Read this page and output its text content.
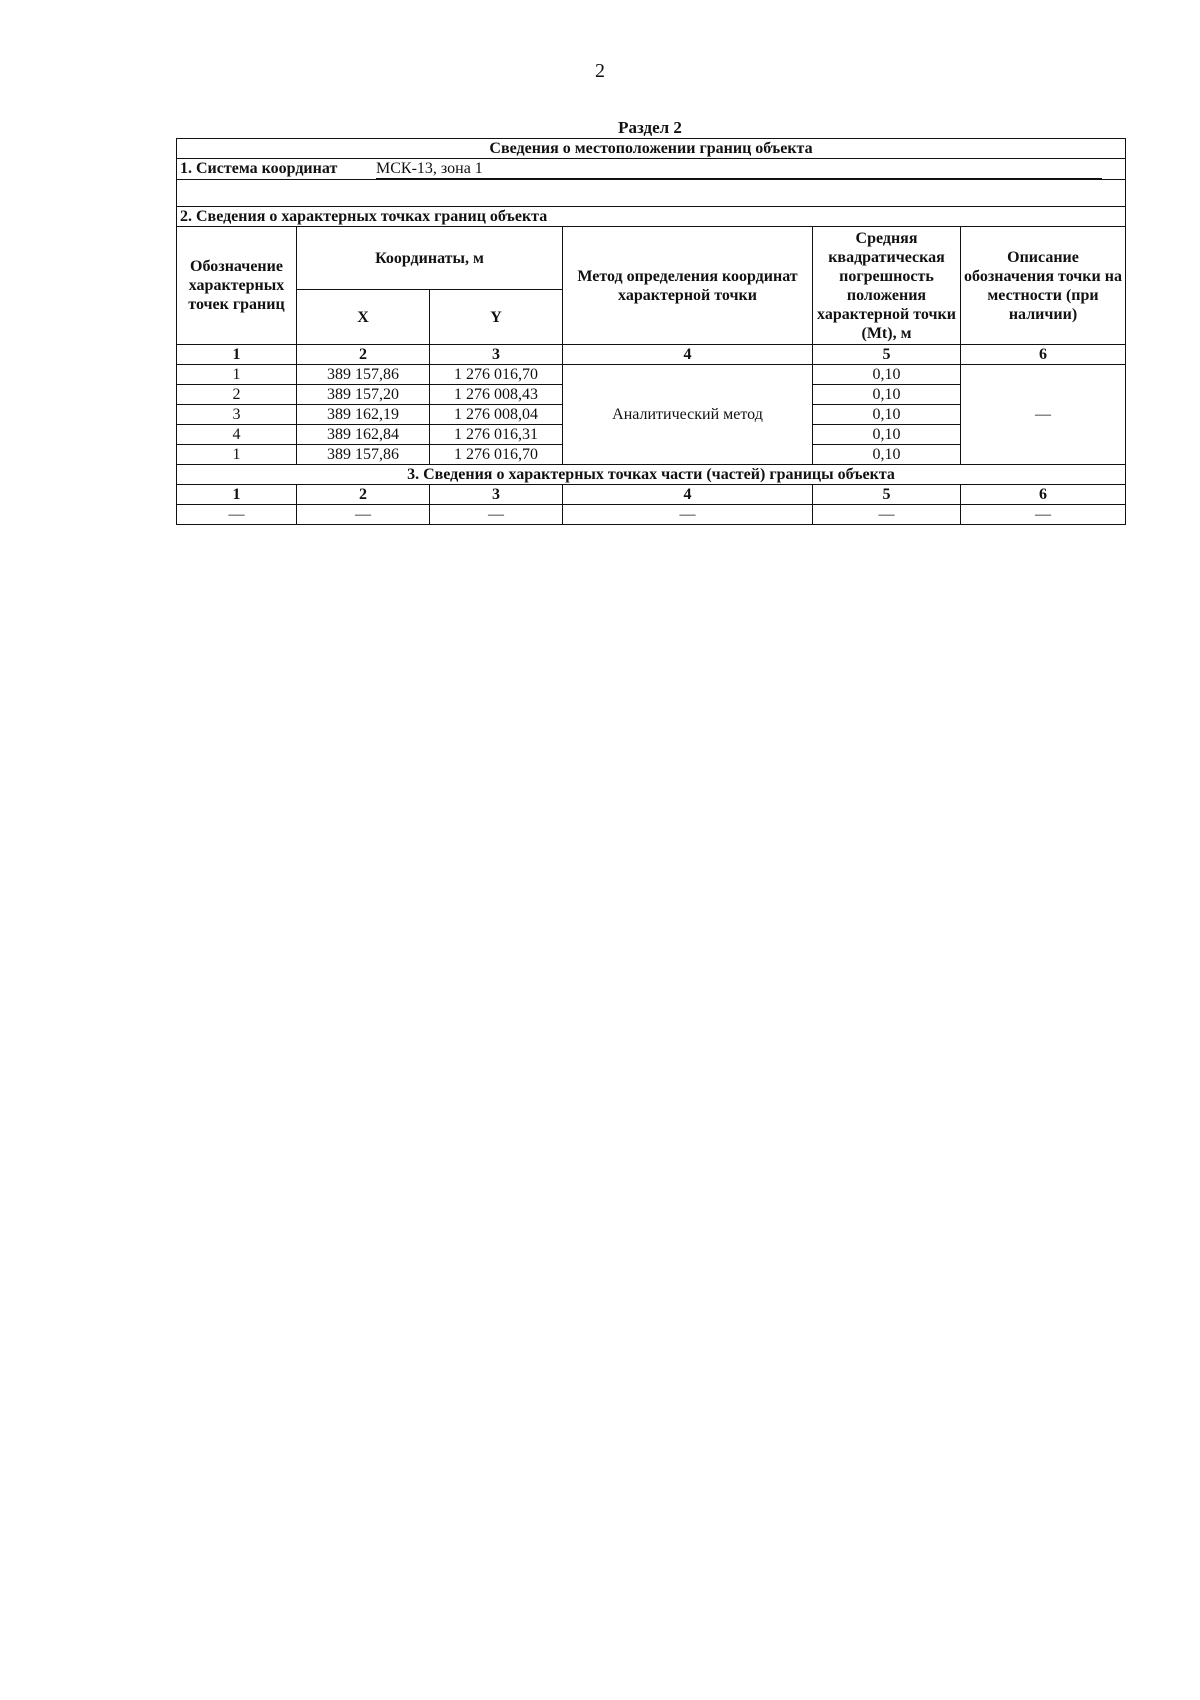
2
Раздел 2
Сведения о местоположении границ объекта					
1. Система координат МСК-13, зона 1					

2. Сведения о характерных точках границ объекта					
Обозначение характерных точек границ	Координаты, м		Метод определения координат характерной точки	Средняя квадратическая погрешность положения характерной точки (Mt), м	Описание обозначения точки на местности (при наличии)
	X	Y			
1	2	3	4	5	6
1	389 157,86	1 276 016,70	Аналитический метод	0,10	—
2	389 157,20	1 276 008,43		0,10	
3	389 162,19	1 276 008,04		0,10	
4	389 162,84	1 276 016,31		0,10	
1	389 157,86	1 276 016,70		0,10	
3. Сведения о характерных точках части (частей) границы объекта					
1	2	3	4	5	6
—	—	—	—	—	—
